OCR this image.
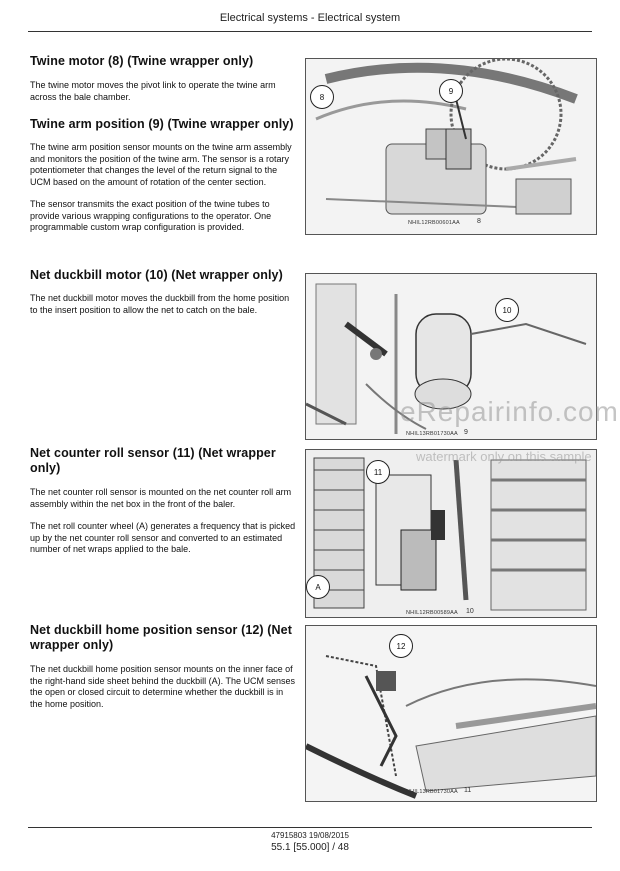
Electrical systems - Electrical system
Twine motor (8) (Twine wrapper only)

The twine motor moves the pivot link to operate the twine arm across the bale chamber.

Twine arm position (9) (Twine wrapper only)

The twine arm position sensor mounts on the twine arm assembly and monitors the position of the twine arm. The sensor is a rotary potentiometer that changes the level of the return signal to the UCM based on the amount of rotation of the center section.

The sensor transmits the exact position of the twine tubes to provide various wrapping configurations to the operator. One programmable custom wrap configuration is provided.

Net duckbill motor (10) (Net wrapper only)

The net duckbill motor moves the duckbill from the home position to the insert position to allow the net to catch on the bale.

Net counter roll sensor (11) (Net wrapper only)

The net counter roll sensor is mounted on the net counter roll arm assembly within the net box in the front of the baler.

The net roll counter wheel (A) generates a frequency that is picked up by the net counter roll sensor and converted to an estimated number of net wraps applied to the bale.

Net duckbill home position sensor (12) (Net wrapper only)

The net duckbill home position sensor mounts on the inner face of the right-hand side sheet behind the duckbill (A). The UCM senses the open or closed circuit to determine whether the duckbill is in the home position.

8
9
NHIL12RB00601AA 8
10
NHIL13RB01730AA 9
11
A
NHIL12RB00589AA 10
12
NHIL13RB01730AA 11
eRepairinfo.com
watermark only on this sample
47915803 19/08/2015
55.1 [55.000] / 48
